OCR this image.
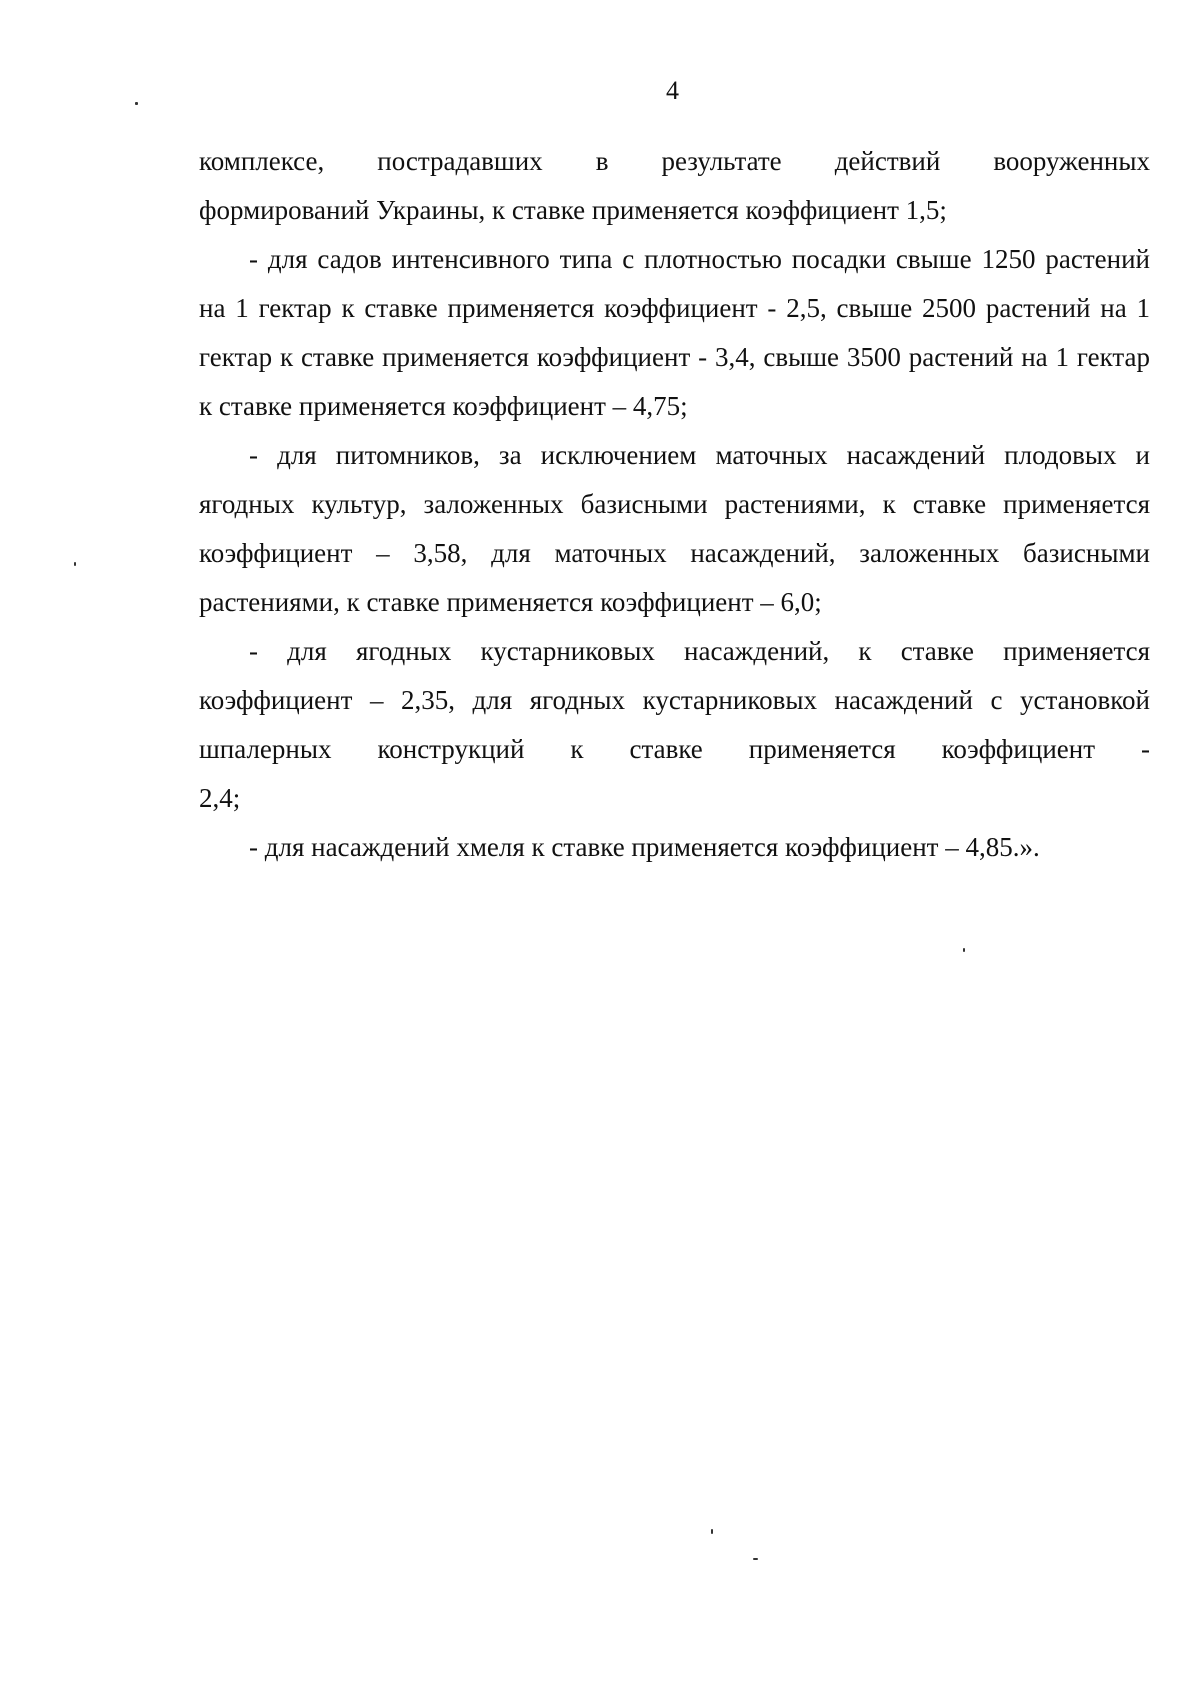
4

комплексе, пострадавших в результате действий вооруженных
формирований Украины, к ставке применяется коэффициент 1,5;

- для садов интенсивного типа с плотностью посадки свыше 1250 растений на 1 гектар к ставке применяется коэффициент - 2,5, свыше 2500 растений на 1 гектар к ставке применяется коэффициент - 3,4, свыше 3500 растений на 1 гектар к ставке применяется коэффициент – 4,75;

- для питомников, за исключением маточных насаждений плодовых и ягодных культур, заложенных базисными растениями, к ставке применяется коэффициент – 3,58, для маточных насаждений, заложенных базисными растениями, к ставке применяется коэффициент – 6,0;

- для ягодных кустарниковых насаждений, к ставке применяется коэффициент – 2,35, для ягодных кустарниковых насаждений с установкой шпалерных конструкций к ставке применяется коэффициент -

2,4;

- для насаждений хмеля к ставке применяется коэффициент – 4,85.».
